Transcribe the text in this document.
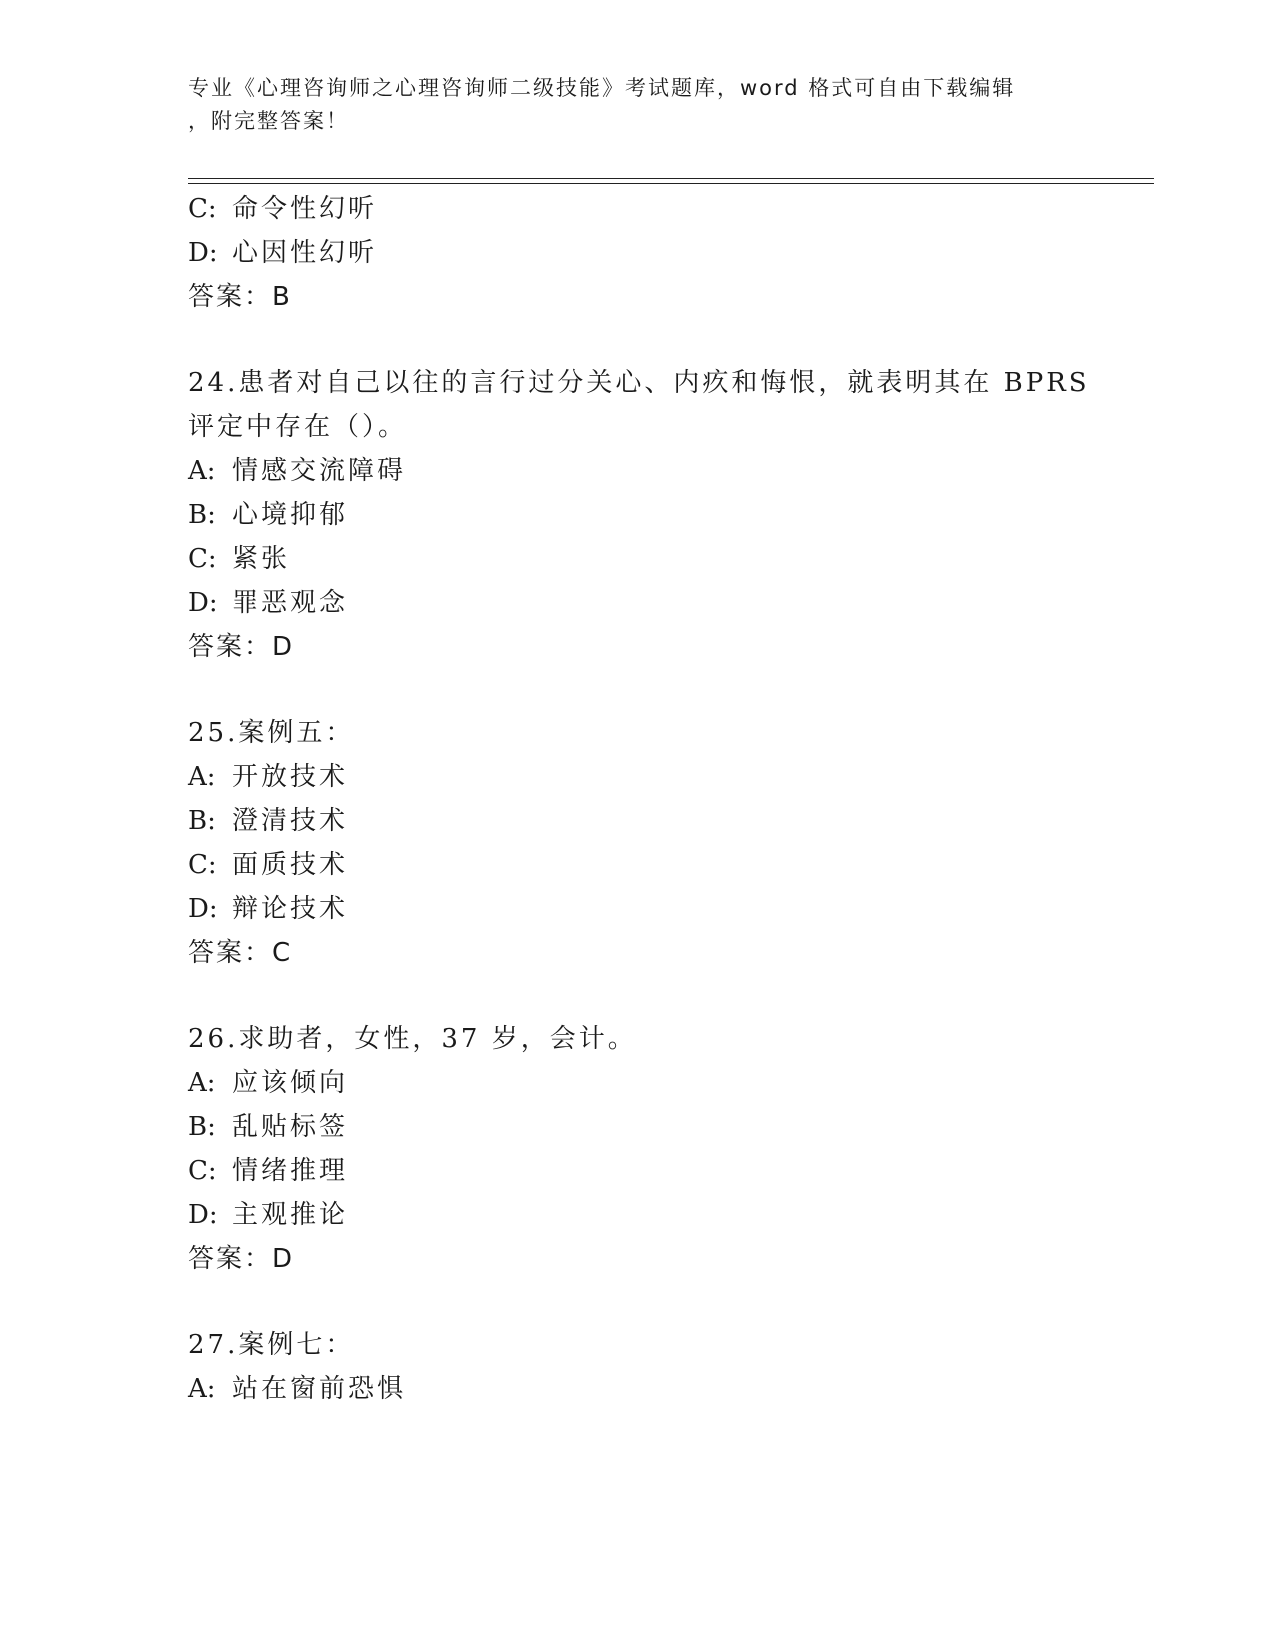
专业《心理咨询师之心理咨询师二级技能》考试题库，word 格式可自由下载编辑
，附完整答案！
C: 命令性幻听
D: 心因性幻听
答案：B
24.患者对自己以往的言行过分关心、内疚和悔恨，就表明其在 BPRS
评定中存在（）。
A: 情感交流障碍
B: 心境抑郁
C: 紧张
D: 罪恶观念
答案：D
25.案例五：
A: 开放技术
B: 澄清技术
C: 面质技术
D: 辩论技术
答案：C
26.求助者，女性，37 岁，会计。
A: 应该倾向
B: 乱贴标签
C: 情绪推理
D: 主观推论
答案：D
27.案例七：
A: 站在窗前恐惧
